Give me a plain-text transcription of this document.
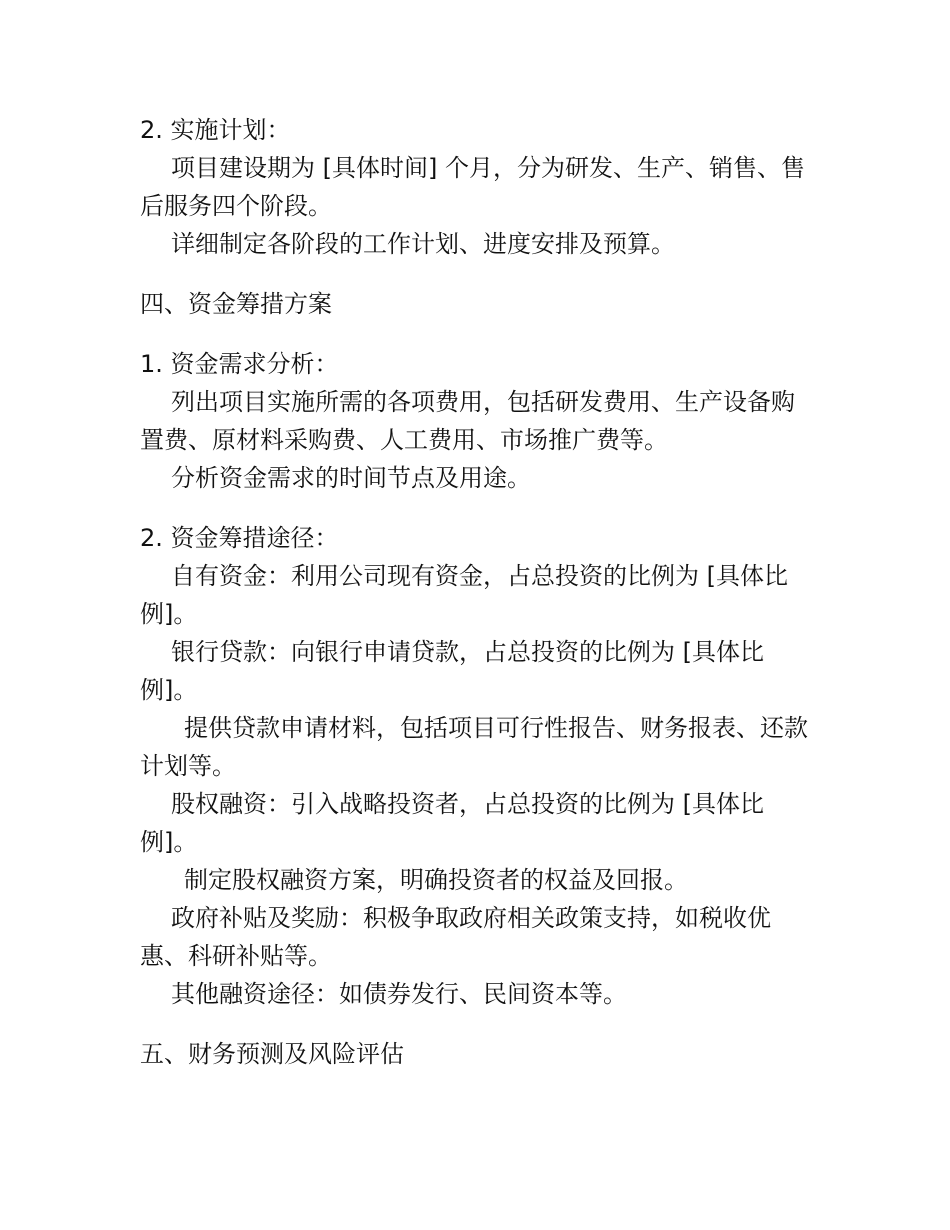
2. 实施计划：

项目建设期为 [具体时间] 个月，分为研发、生产、销售、售后服务四个阶段。

详细制定各阶段的工作计划、进度安排及预算。

四、资金筹措方案

1. 资金需求分析：

列出项目实施所需的各项费用，包括研发费用、生产设备购置费、原材料采购费、人工费用、市场推广费等。

分析资金需求的时间节点及用途。

2. 资金筹措途径：

自有资金：利用公司现有资金，占总投资的比例为 [具体比例]。

银行贷款：向银行申请贷款，占总投资的比例为 [具体比例]。

提供贷款申请材料，包括项目可行性报告、财务报表、还款计划等。

股权融资：引入战略投资者，占总投资的比例为 [具体比例]。

制定股权融资方案，明确投资者的权益及回报。

政府补贴及奖励：积极争取政府相关政策支持，如税收优惠、科研补贴等。

其他融资途径：如债券发行、民间资本等。

五、财务预测及风险评估
